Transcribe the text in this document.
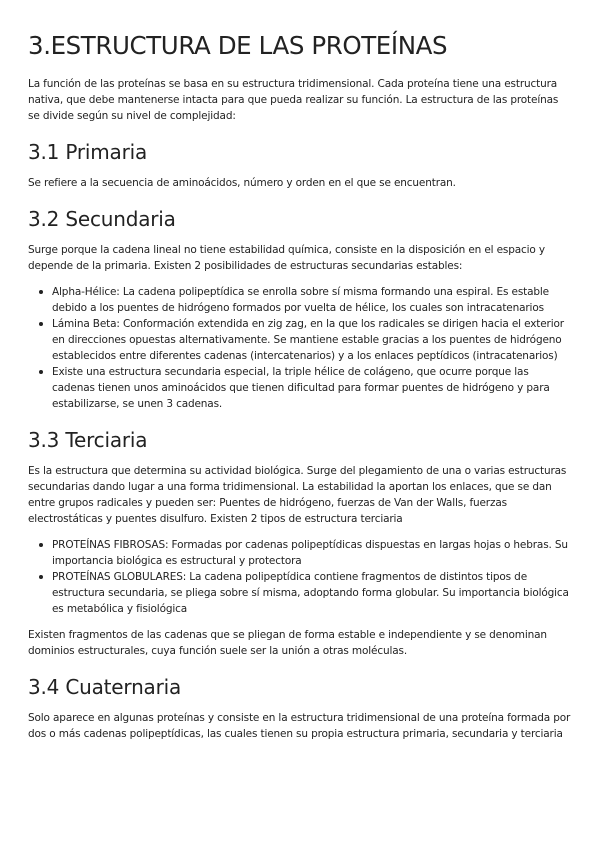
3.ESTRUCTURA DE LAS PROTEÍNAS

La función de las proteínas se basa en su estructura tridimensional. Cada proteína tiene una estructura nativa, que debe mantenerse intacta para que pueda realizar su función. La estructura de las proteínas se divide según su nivel de complejidad:

3.1 Primaria

Se refiere a la secuencia de aminoácidos, número y orden en el que se encuentran.

3.2 Secundaria

Surge porque la cadena lineal no tiene estabilidad química, consiste en la disposición en el espacio y depende de la primaria. Existen 2 posibilidades de estructuras secundarias estables:

Alpha-Hélice: La cadena polipeptídica se enrolla sobre sí misma formando una espiral. Es estable debido a los puentes de hidrógeno formados por vuelta de hélice, los cuales son intracatenarios
Lámina Beta: Conformación extendida en zig zag, en la que los radicales se dirigen hacia el exterior en direcciones opuestas alternativamente. Se mantiene estable gracias a los puentes de hidrógeno establecidos entre diferentes cadenas (intercatenarios) y a los enlaces peptídicos (intracatenarios)
Existe una estructura secundaria especial, la triple hélice de colágeno, que ocurre porque las cadenas tienen unos aminoácidos que tienen dificultad para formar puentes de hidrógeno y para estabilizarse, se unen 3 cadenas.
3.3 Terciaria

Es la estructura que determina su actividad biológica. Surge del plegamiento de una o varias estructuras secundarias dando lugar a una forma tridimensional. La estabilidad la aportan los enlaces, que se dan entre grupos radicales y pueden ser: Puentes de hidrógeno, fuerzas de Van der Walls, fuerzas electrostáticas y puentes disulfuro. Existen 2 tipos de estructura terciaria

PROTEÍNAS FIBROSAS: Formadas por cadenas polipeptídicas dispuestas en largas hojas o hebras. Su importancia biológica es estructural y protectora
PROTEÍNAS GLOBULARES: La cadena polipeptídica contiene fragmentos de distintos tipos de estructura secundaria, se pliega sobre sí misma, adoptando forma globular. Su importancia biológica es metabólica y fisiológica

Existen fragmentos de las cadenas que se pliegan de forma estable e independiente y se denominan dominios estructurales, cuya función suele ser la unión a otras moléculas.

3.4 Cuaternaria

Solo aparece en algunas proteínas y consiste en la estructura tridimensional de una proteína formada por dos o más cadenas polipeptídicas, las cuales tienen su propia estructura primaria, secundaria y terciaria
